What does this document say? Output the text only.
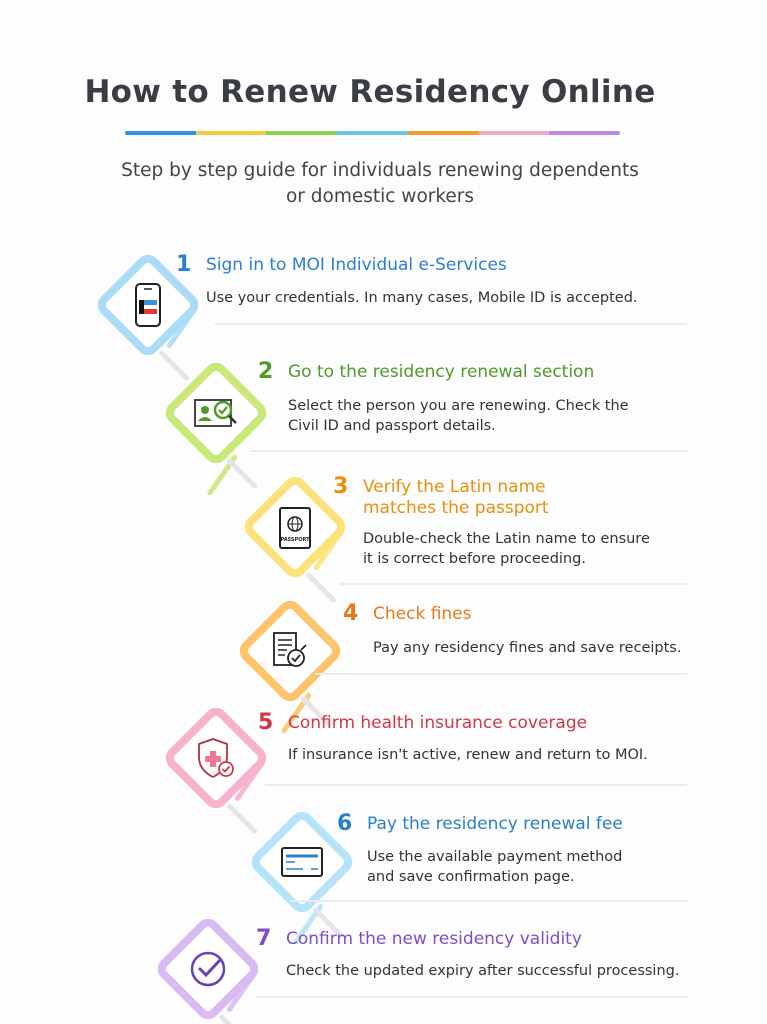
How to Renew Residency Online
Step by step guide for individuals renewing dependents
or domestic workers
1 Sign in to MOI Individual e-Services
Use your credentials. In many cases, Mobile ID is accepted.
2 Go to the residency renewal section
Select the person you are renewing. Check the
Civil ID and passport details.
PASSPORT
3 Verify the Latin name
matches the passport
Double-check the Latin name to ensure
it is correct before proceeding.
4 Check fines
Pay any residency fines and save receipts.
5 Confirm health insurance coverage
If insurance isn't active, renew and return to MOI.
6 Pay the residency renewal fee
Use the available payment method
and save confirmation page.
7 Confirm the new residency validity
Check the updated expiry after successful processing.
